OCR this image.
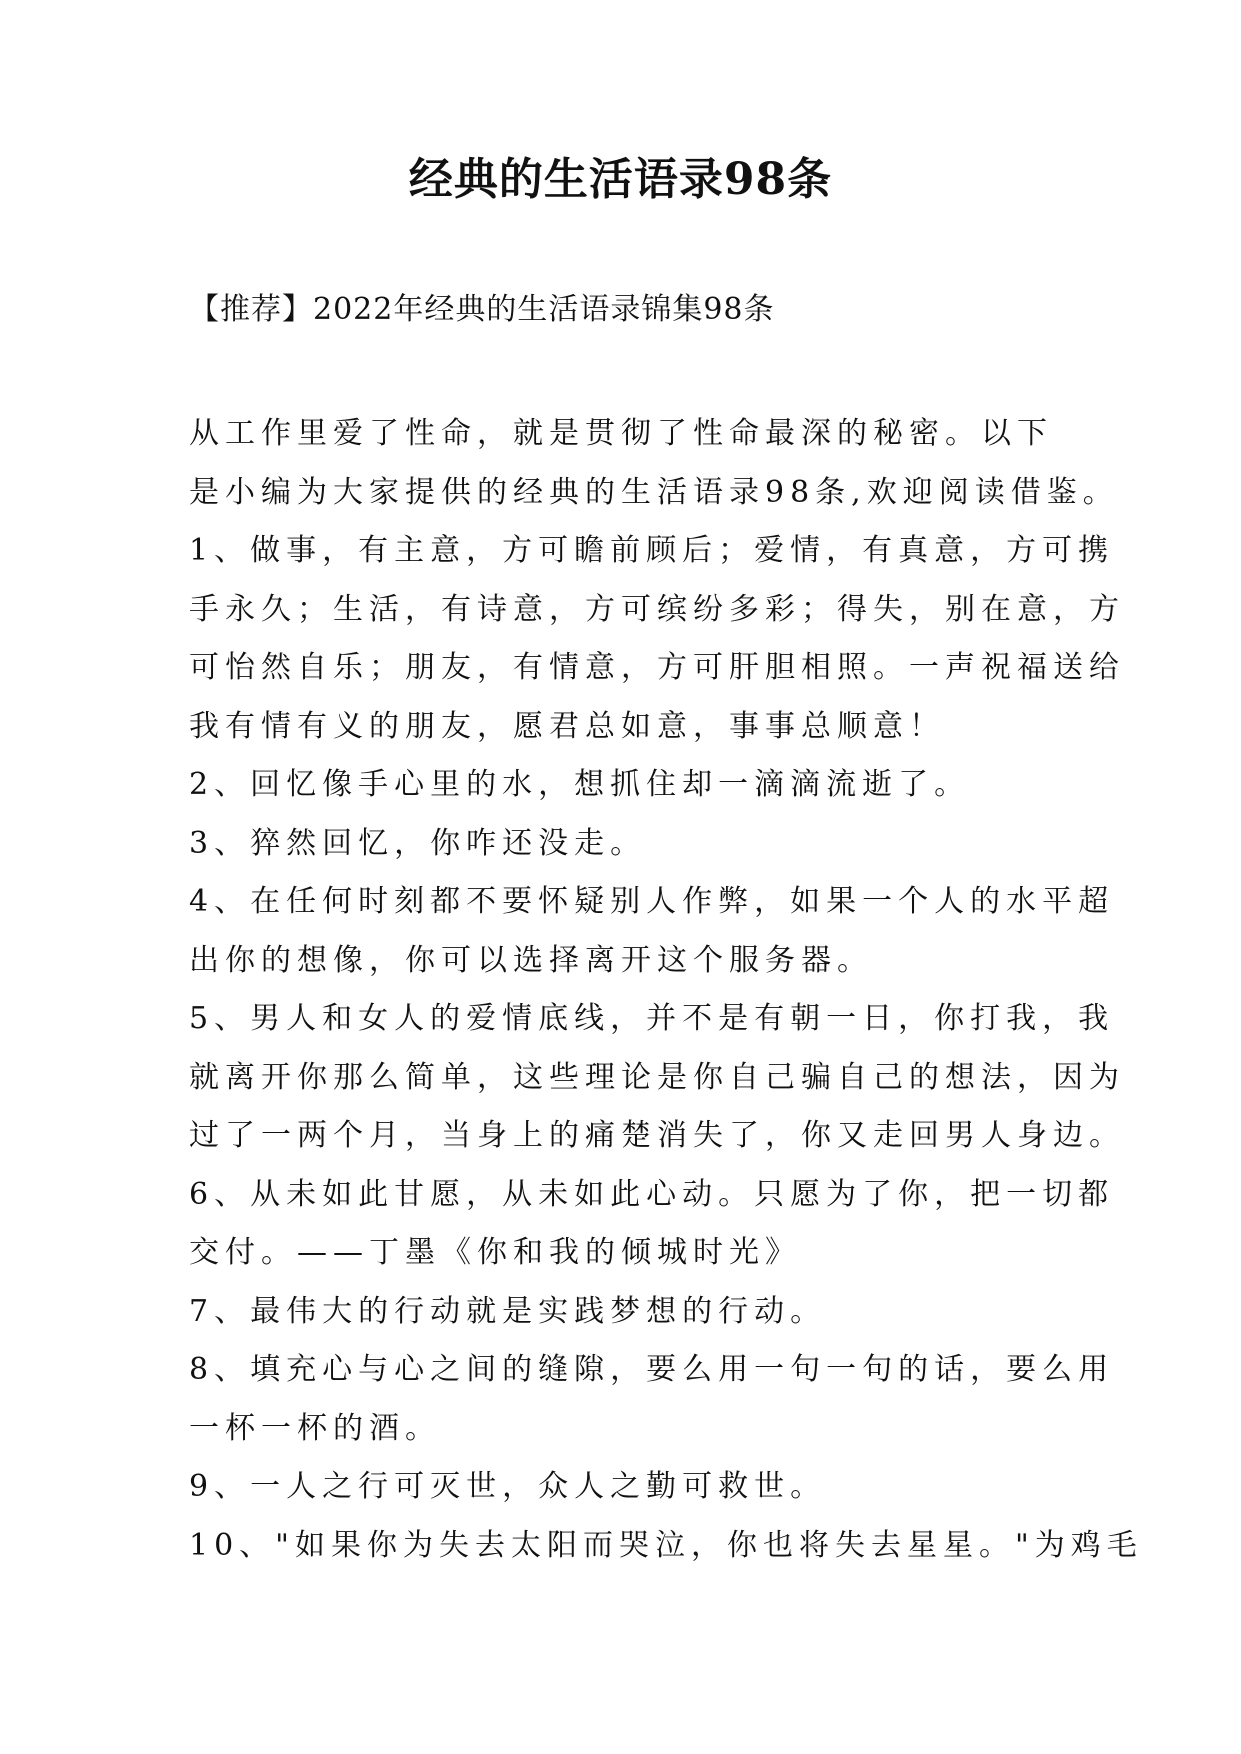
经典的生活语录98条
【推荐】2022年经典的生活语录锦集98条
从工作里爱了性命，就是贯彻了性命最深的秘密。以下
是小编为大家提供的经典的生活语录98条,欢迎阅读借鉴。
1、做事，有主意，方可瞻前顾后；爱情，有真意，方可携
手永久；生活，有诗意，方可缤纷多彩；得失，别在意，方
可怡然自乐；朋友，有情意，方可肝胆相照。一声祝福送给
我有情有义的朋友，愿君总如意，事事总顺意！
2、回忆像手心里的水，想抓住却一滴滴流逝了。
3、猝然回忆，你咋还没走。
4、在任何时刻都不要怀疑别人作弊，如果一个人的水平超
出你的想像，你可以选择离开这个服务器。
5、男人和女人的爱情底线，并不是有朝一日，你打我，我
就离开你那么简单，这些理论是你自己骗自己的想法，因为
过了一两个月，当身上的痛楚消失了，你又走回男人身边。
6、从未如此甘愿，从未如此心动。只愿为了你，把一切都
交付。——丁墨《你和我的倾城时光》
7、最伟大的行动就是实践梦想的行动。
8、填充心与心之间的缝隙，要么用一句一句的话，要么用
一杯一杯的酒。
9、一人之行可灭世，众人之勤可救世。
10、"如果你为失去太阳而哭泣，你也将失去星星。"为鸡毛
